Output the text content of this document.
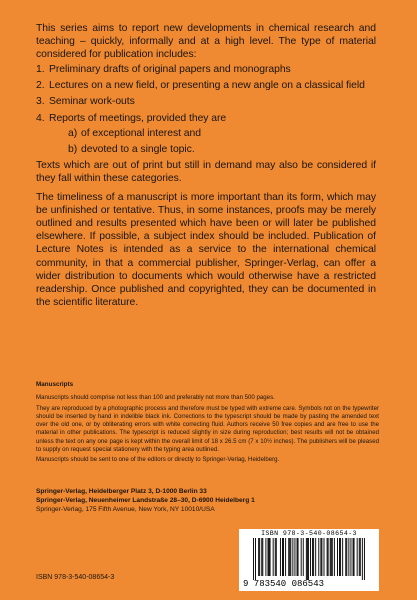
This series aims to report new developments in chemical research and teaching – quickly, informally and at a high level. The type of material considered for publication includes:

1. Preliminary drafts of original papers and monographs
2. Lectures on a new field, or presenting a new angle on a classical field
3. Seminar work-outs
4. Reports of meetings, provided they are
a) of exceptional interest and
b) devoted to a single topic.

Texts which are out of print but still in demand may also be considered if they fall within these categories.

The timeliness of a manuscript is more important than its form, which may be unfinished or tentative. Thus, in some instances, proofs may be merely outlined and results presented which have been or will later be published elsewhere. If possible, a subject index should be included. Publication of Lecture Notes is intended as a service to the international chemical community, in that a commercial publisher, Springer-Verlag, can offer a wider distribution to documents which would otherwise have a restricted readership. Once published and copyrighted, they can be documented in the scientific literature.

Manuscripts

Manuscripts should comprise not less than 100 and preferably not more than 500 pages.

They are reproduced by a photographic process and therefore must be typed with extreme care. Symbols not on the typewriter should be inserted by hand in indelible black ink. Corrections to the typescript should be made by pasting the amended text over the old one, or by obliterating errors with white correcting fluid. Authors receive 50 free copies and are free to use the material in other publications. The typescript is reduced slightly in size during reproduction; best results will not be obtained unless the text on any one page is kept within the overall limit of 18 x 26.5 cm (7 x 10½ inches). The publishers will be pleased to supply on request special stationery with the typing area outlined.

Manuscripts should be sent to one of the editors or directly to Springer-Verlag, Heidelberg.

Springer-Verlag, Heidelberger Platz 3, D-1000 Berlin 33
Springer-Verlag, Neuenheimer Landstraße 28–30, D-6900 Heidelberg 1
Springer-Verlag, 175 Fifth Avenue, New York, NY 10010/USA
ISBN 978-3-540-08654-3
ISBN 978-3-540-08654-3
9 783540 086543
